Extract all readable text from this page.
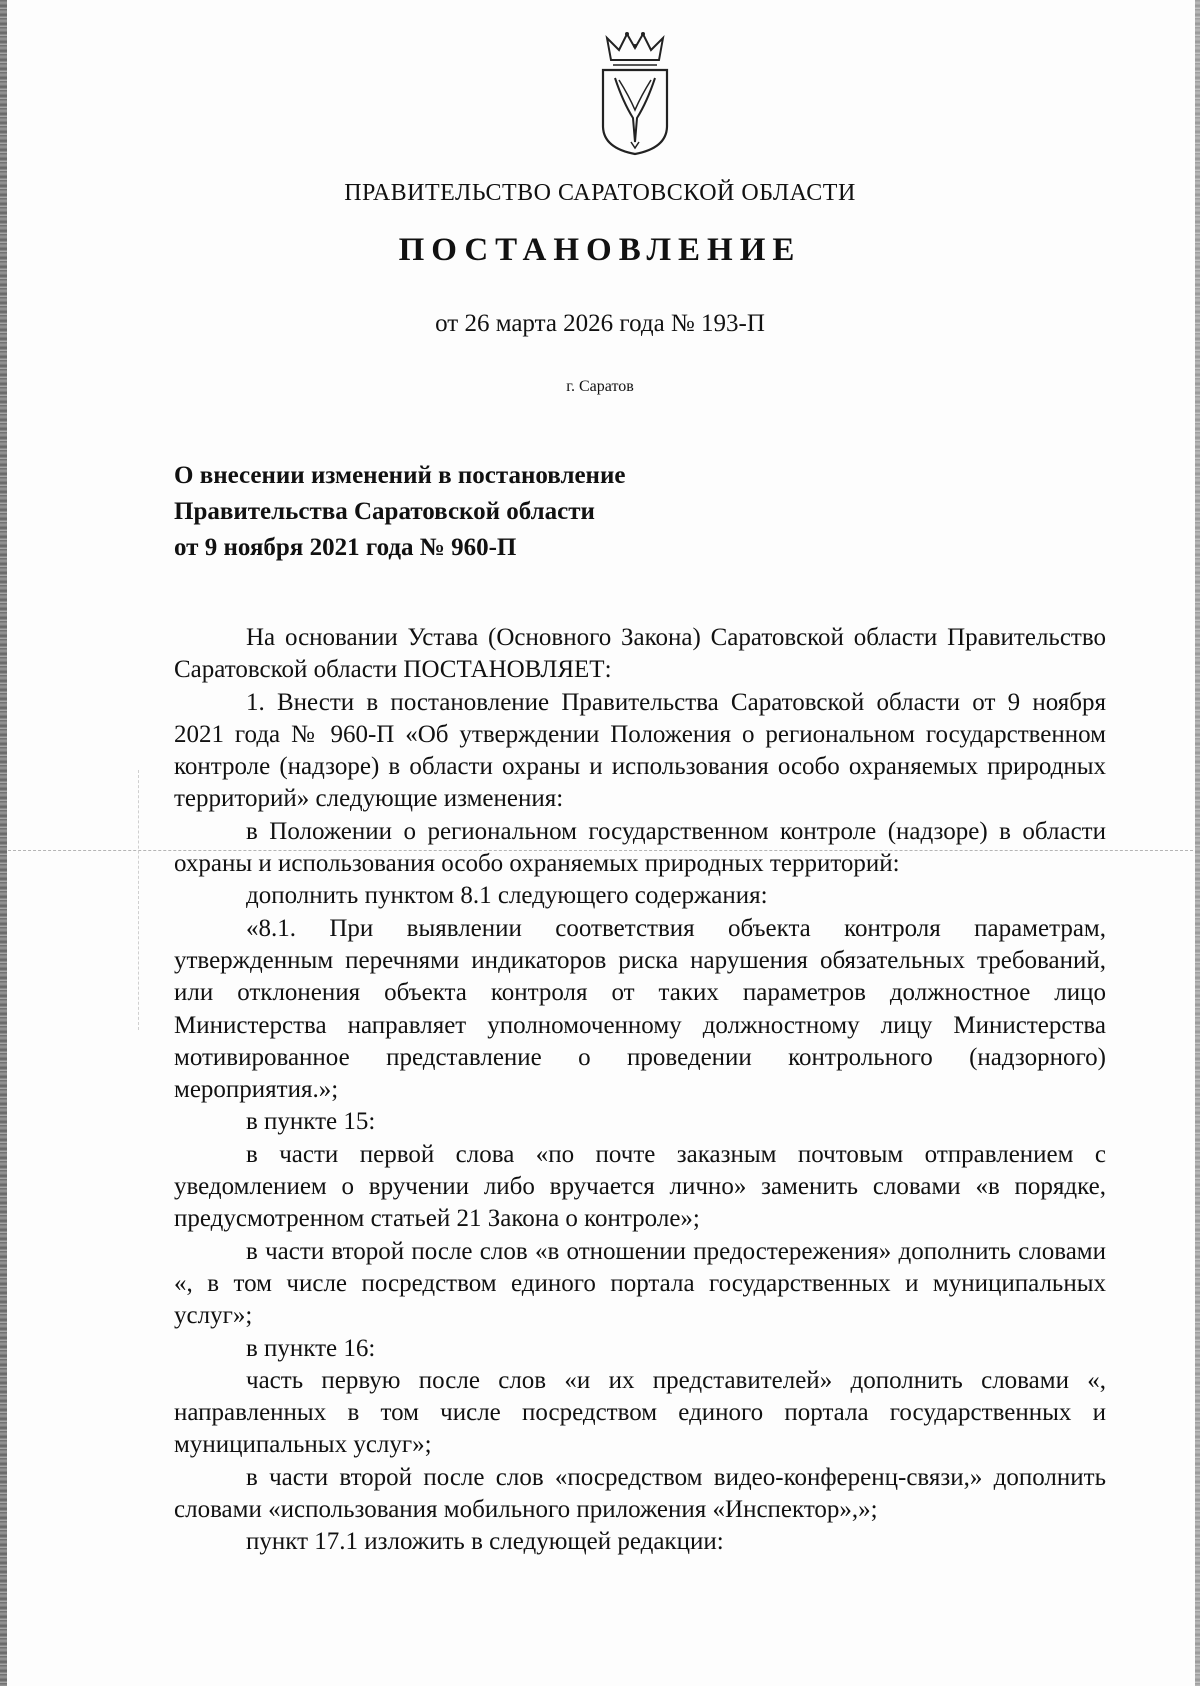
ПРАВИТЕЛЬСТВО САРАТОВСКОЙ ОБЛАСТИ

ПОСТАНОВЛЕНИЕ

от 26 марта 2026 года № 193-П

г. Саратов

О внесении изменений в постановление
Правительства Саратовской области
от 9 ноября 2021 года № 960-П

На основании Устава (Основного Закона) Саратовской области Правительство Саратовской области ПОСТАНОВЛЯЕТ:

1. Внести в постановление Правительства Саратовской области от 9 ноября 2021 года № 960-П «Об утверждении Положения о региональном государственном контроле (надзоре) в области охраны и использования особо охраняемых природных территорий» следующие изменения:

в Положении о региональном государственном контроле (надзоре) в области охраны и использования особо охраняемых природных территорий:

дополнить пунктом 8.1 следующего содержания:

«8.1. При выявлении соответствия объекта контроля параметрам, утвержденным перечнями индикаторов риска нарушения обязательных требований, или отклонения объекта контроля от таких параметров должностное лицо Министерства направляет уполномоченному должностному лицу Министерства мотивированное представление о проведении контрольного (надзорного) мероприятия.»;

в пункте 15:

в части первой слова «по почте заказным почтовым отправлением с уведомлением о вручении либо вручается лично» заменить словами «в порядке, предусмотренном статьей 21 Закона о контроле»;

в части второй после слов «в отношении предостережения» дополнить словами «, в том числе посредством единого портала государственных и муниципальных услуг»;

в пункте 16:

часть первую после слов «и их представителей» дополнить словами «, направленных в том числе посредством единого портала государственных и муниципальных услуг»;

в части второй после слов «посредством видео-конференц-связи,» дополнить словами «использования мобильного приложения «Инспектор»,»;

пункт 17.1 изложить в следующей редакции:
